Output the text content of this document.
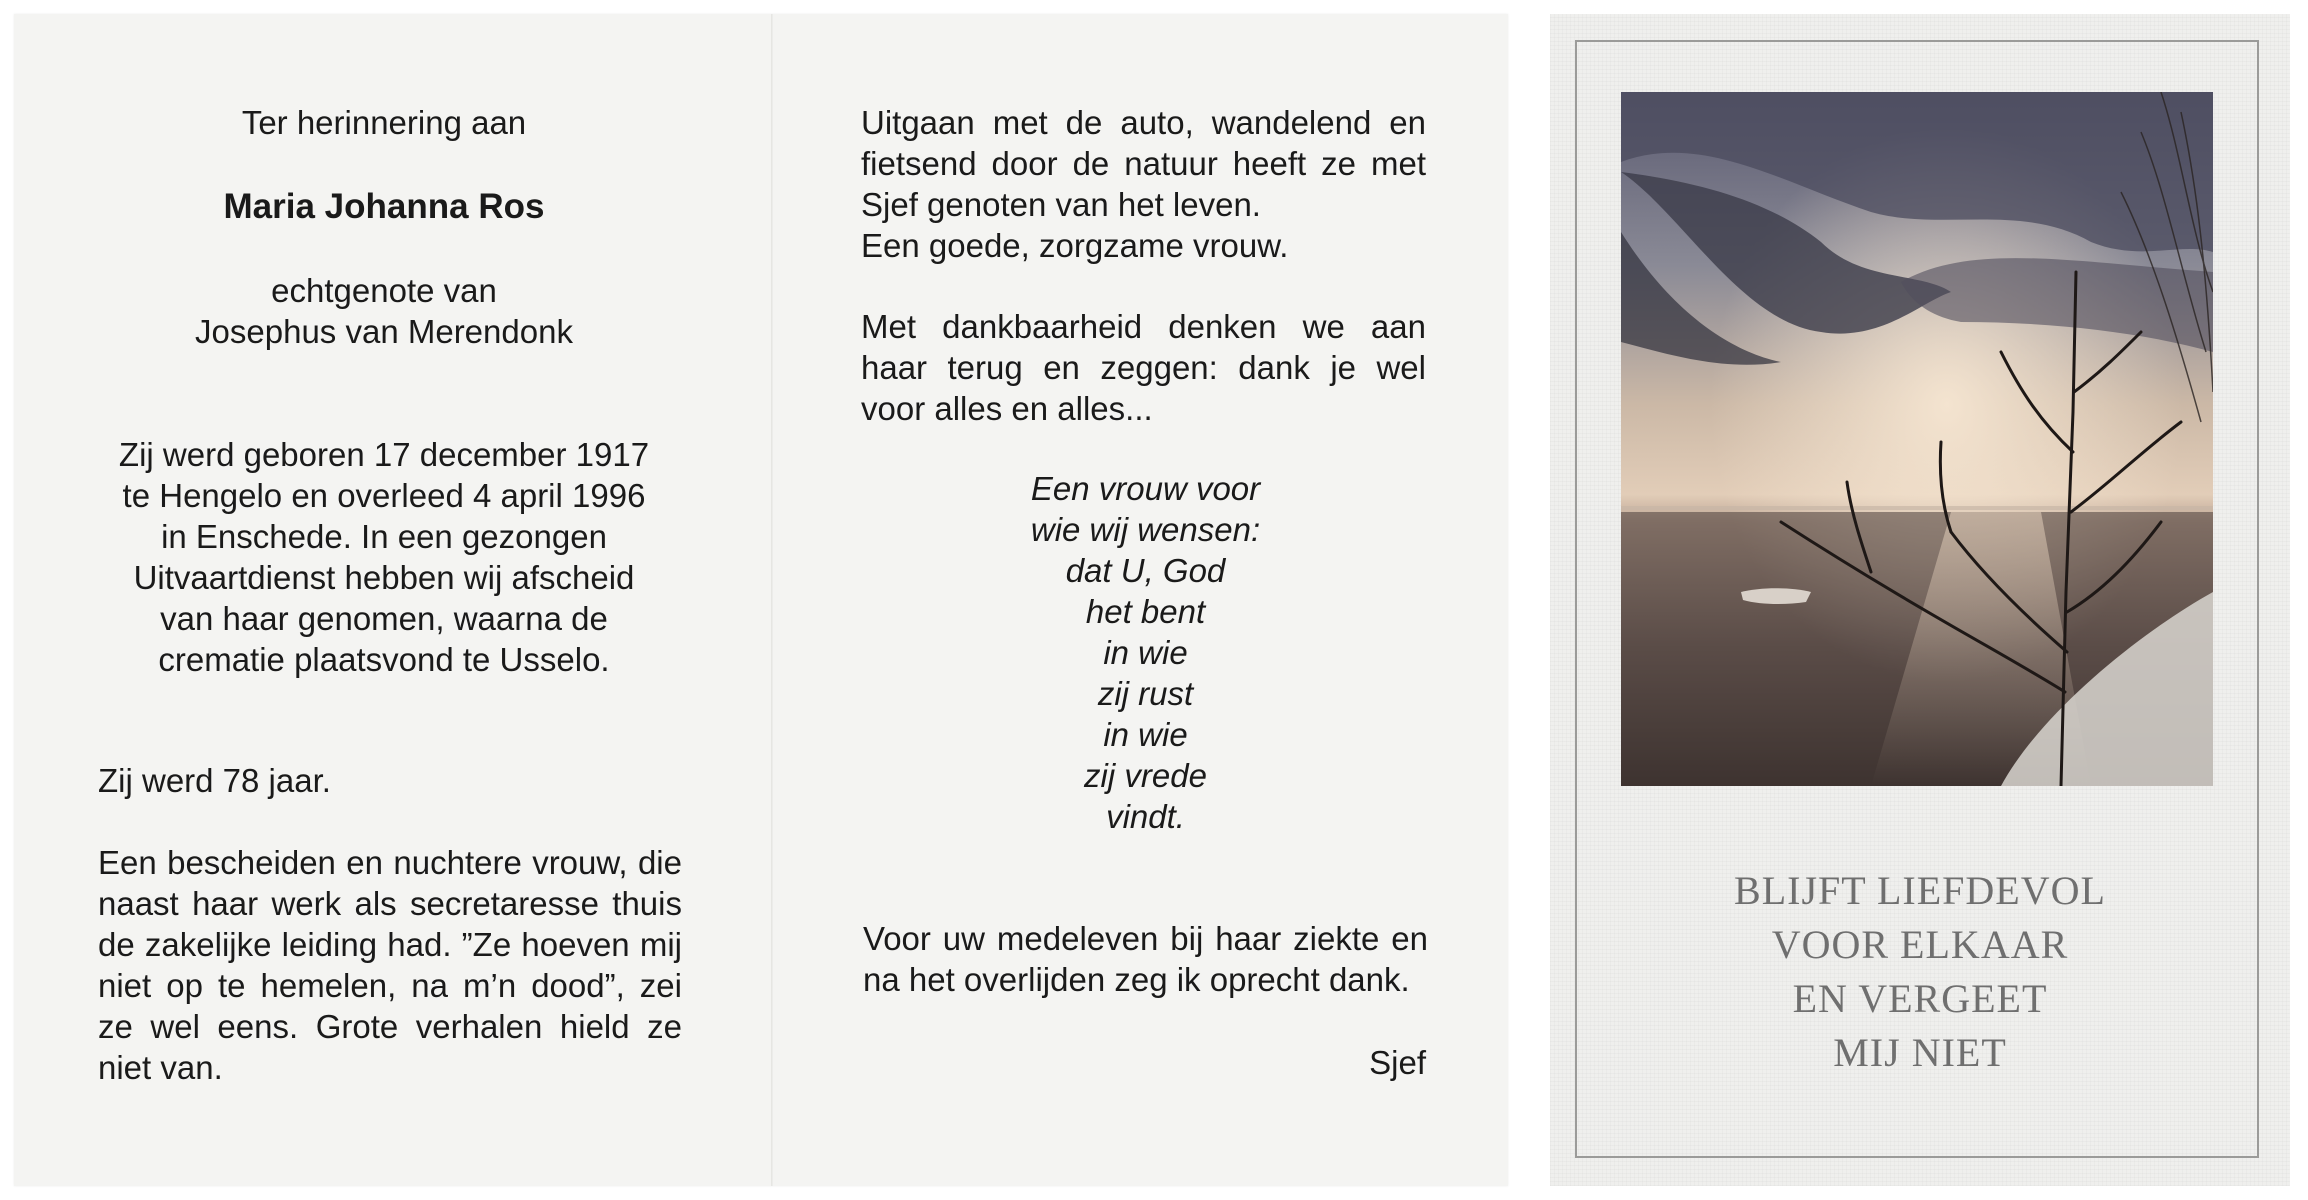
Ter herinnering aan

Maria Johanna Ros

echtgenote van
Josephus van Merendonk
Zij werd geboren 17 december 1917
te Hengelo en overleed 4 april 1996
in Enschede. In een gezongen
Uitvaartdienst hebben wij afscheid
van haar genomen, waarna de
crematie plaatsvond te Usselo.

Zij werd 78 jaar.

Een bescheiden en nuchtere vrouw, die naast haar werk als secretaresse thuis de zakelijke leiding had. ”Ze hoeven mij niet op te hemelen, na m’n dood”, zei ze wel eens. Grote verhalen hield ze niet van.

Uitgaan met de auto, wandelend en fietsend door de natuur heeft ze met Sjef genoten van het leven.

Een goede, zorgzame vrouw.

Met dankbaarheid denken we aan haar terug en zeggen: dank je wel voor alles en alles...

Een vrouw voor
wie wij wensen:
dat U, God
het bent
in wie
zij rust
in wie
zij vrede
vindt.

Voor uw medeleven bij haar ziekte en na het overlijden zeg ik oprecht dank.

Sjef

BLIJFT LIEFDEVOL
VOOR ELKAAR
EN VERGEET
MIJ NIET
